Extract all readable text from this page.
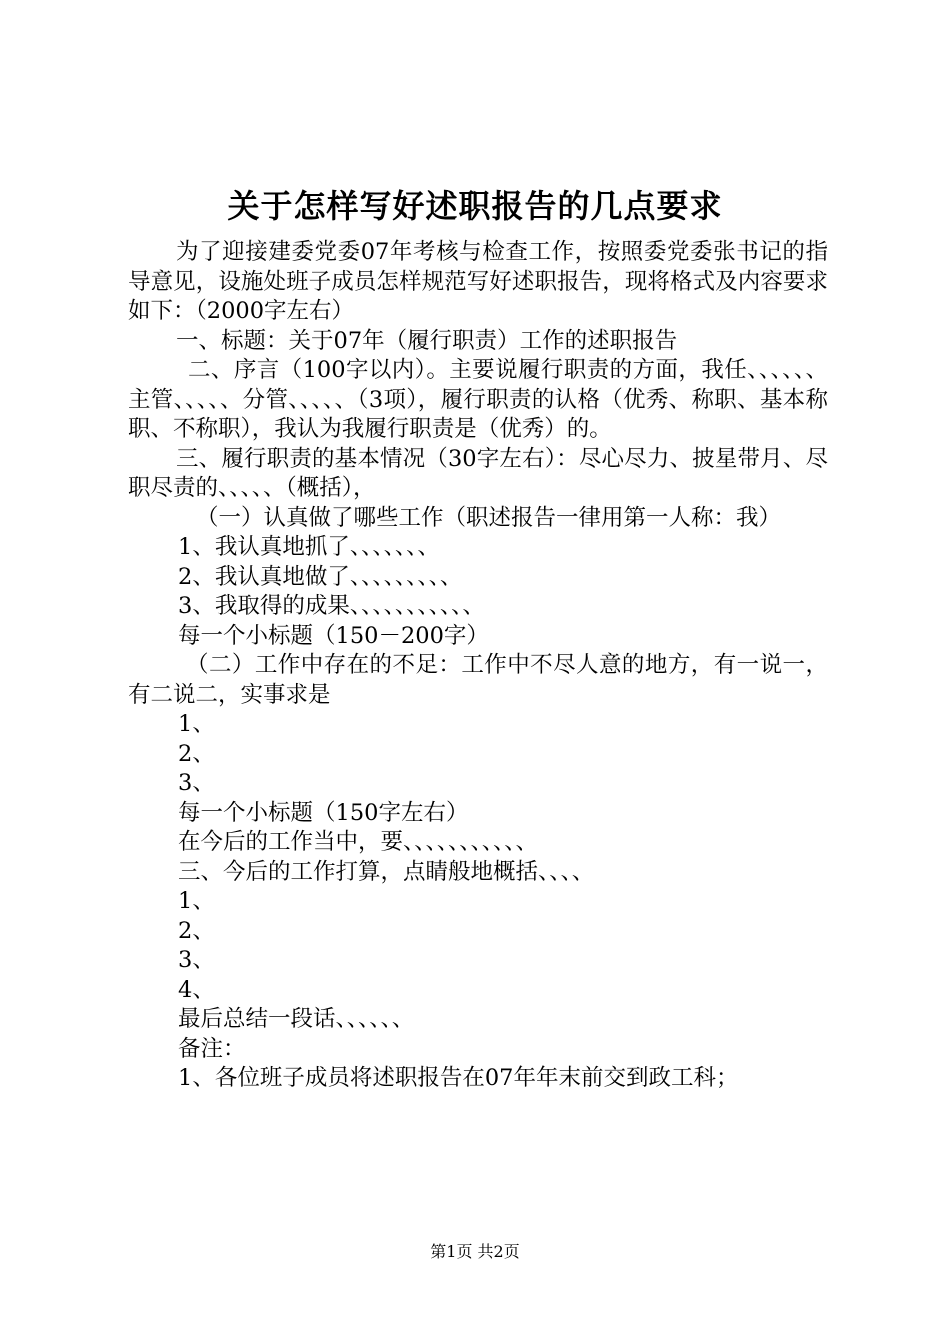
关于怎样写好述职报告的几点要求

为了迎接建委党委07年考核与检查工作，按照委党委张书记的指导意见，设施处班子成员怎样规范写好述职报告，现将格式及内容要求如下：（2000字左右）

一、标题：关于07年（履行职责）工作的述职报告

二、序言（100字以内）。主要说履行职责的方面，我任、、、、、、主管、、、、、分管、、、、、（3项），履行职责的认格（优秀、称职、基本称职、不称职），我认为我履行职责是（优秀）的。

三、履行职责的基本情况（30字左右）：尽心尽力、披星带月、尽职尽责的、、、、、（概括），

（一）认真做了哪些工作（职述报告一律用第一人称：我）

1、我认真地抓了、、、、、、、

2、我认真地做了、、、、、、、、、

3、我取得的成果、、、、、、、、、、、

每一个小标题（150－200字）

（二）工作中存在的不足：工作中不尽人意的地方，有一说一，有二说二，实事求是

1、

2、

3、

每一个小标题（150字左右）

在今后的工作当中，要、、、、、、、、、、、

三、今后的工作打算，点睛般地概括、、、、

1、

2、

3、

4、

最后总结一段话、、、、、、

备注：

1、各位班子成员将述职报告在07年年末前交到政工科；

第1页 共2页
